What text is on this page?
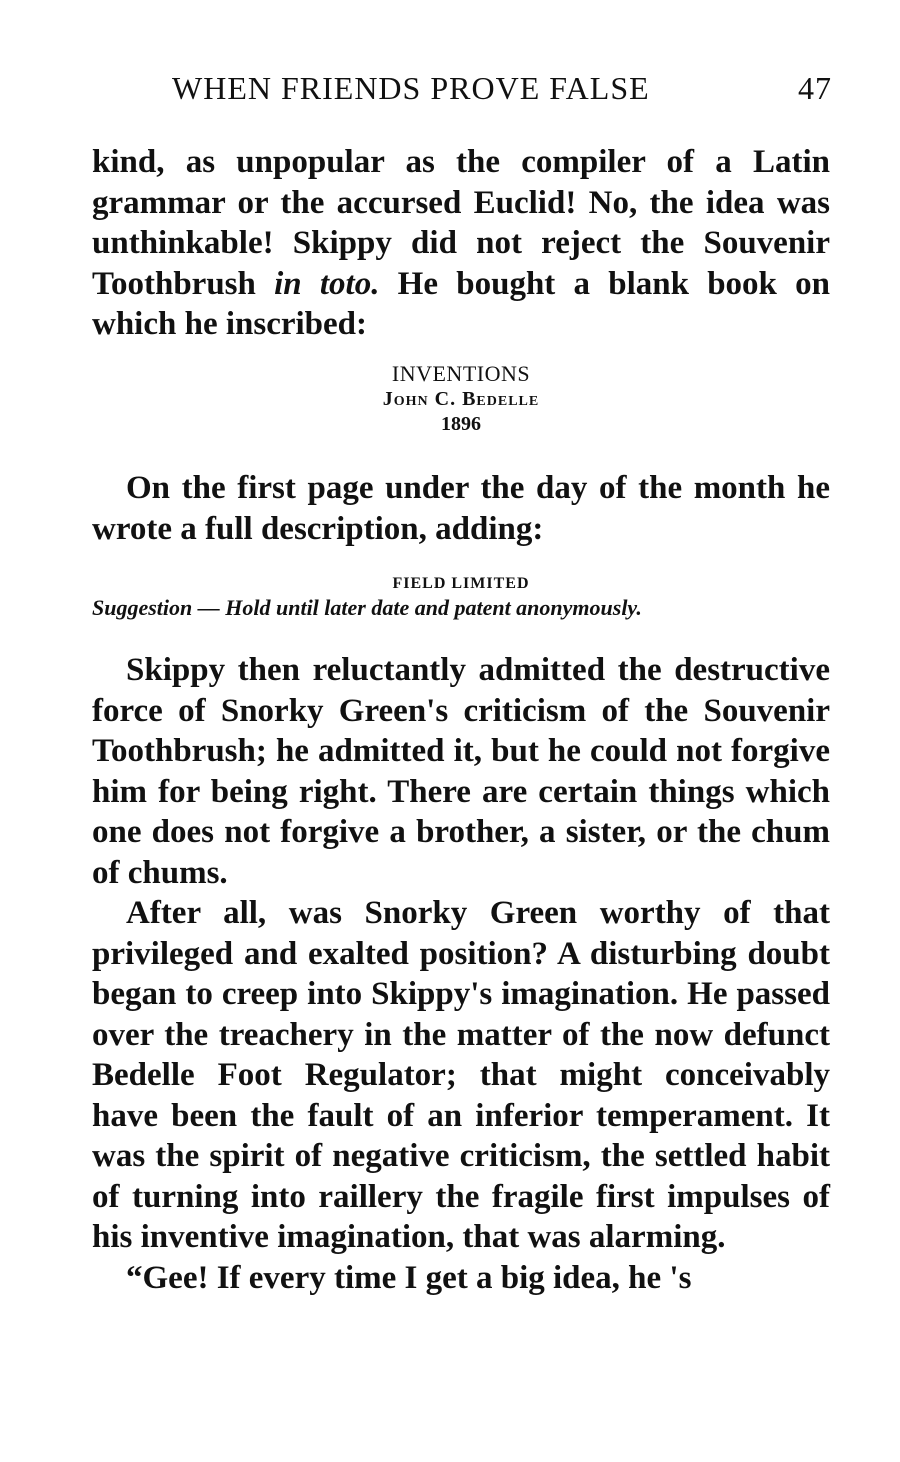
WHEN FRIENDS PROVE FALSE	47

kind, as unpopular as the compiler of a Latin grammar or the accursed Euclid! No, the idea was unthinkable! Skippy did not reject the Souvenir Toothbrush in toto. He bought a blank book on which he inscribed:

INVENTIONS
John C. Bedelle
1896

On the first page under the day of the month he wrote a full description, adding:

FIELD LIMITED
Suggestion — Hold until later date and patent anonymously.

Skippy then reluctantly admitted the destructive force of Snorky Green's criticism of the Souvenir Toothbrush; he admitted it, but he could not forgive him for being right. There are certain things which one does not forgive a brother, a sister, or the chum of chums.

After all, was Snorky Green worthy of that privileged and exalted position? A disturbing doubt began to creep into Skippy's imagination. He passed over the treachery in the matter of the now defunct Bedelle Foot Regulator; that might conceivably have been the fault of an inferior temperament. It was the spirit of negative criticism, the settled habit of turning into raillery the fragile first impulses of his inventive imagination, that was alarming.

“Gee! If every time I get a big idea, he 's
